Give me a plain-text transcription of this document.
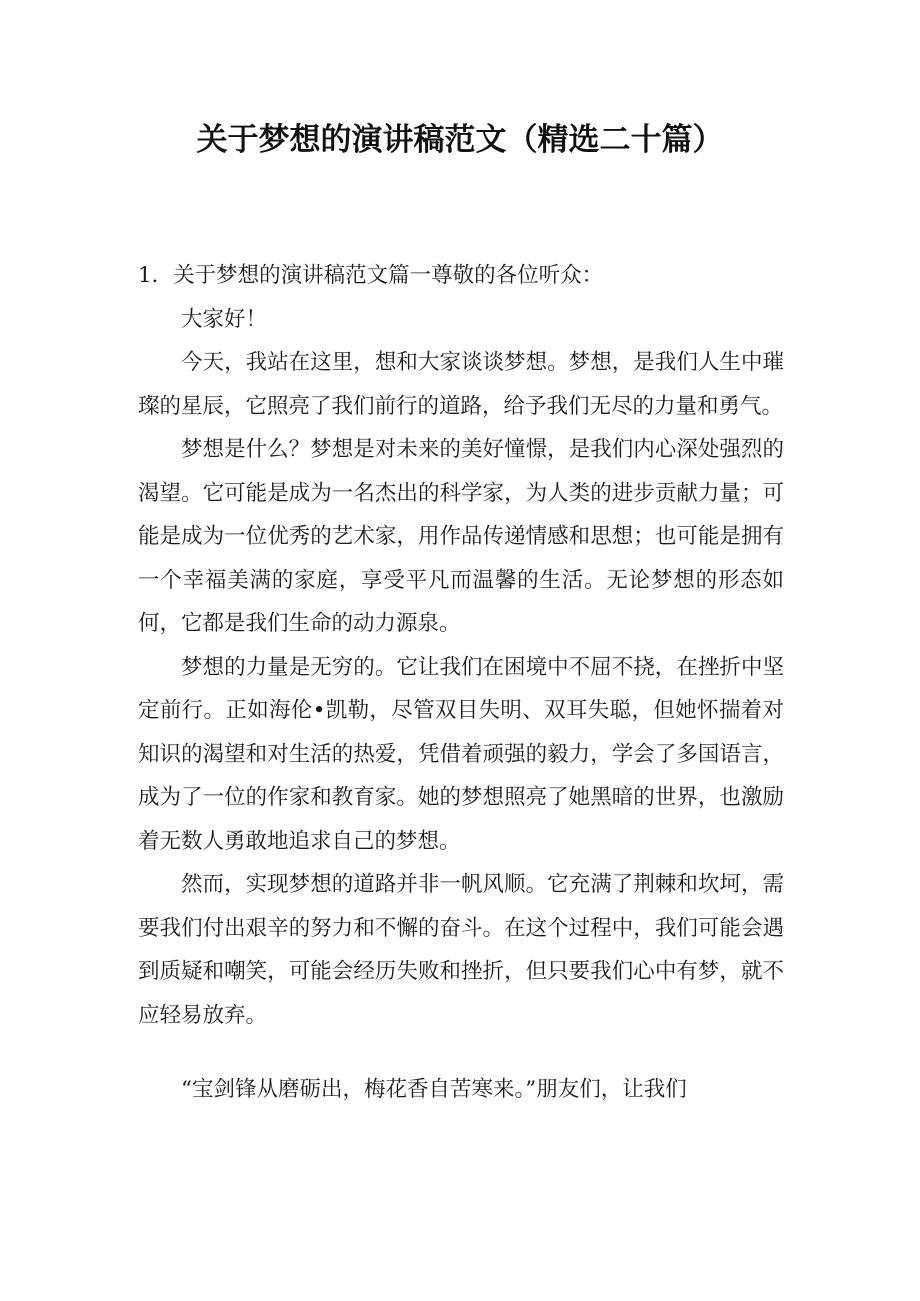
关于梦想的演讲稿范文（精选二十篇）

1．关于梦想的演讲稿范文篇一尊敬的各位听众：

大家好！

今天，我站在这里，想和大家谈谈梦想。梦想，是我们人生中璀璨的星辰，它照亮了我们前行的道路，给予我们无尽的力量和勇气。

梦想是什么？梦想是对未来的美好憧憬，是我们内心深处强烈的渴望。它可能是成为一名杰出的科学家，为人类的进步贡献力量；可能是成为一位优秀的艺术家，用作品传递情感和思想；也可能是拥有一个幸福美满的家庭，享受平凡而温馨的生活。无论梦想的形态如何，它都是我们生命的动力源泉。

梦想的力量是无穷的。它让我们在困境中不屈不挠，在挫折中坚定前行。正如海伦•凯勒，尽管双目失明、双耳失聪，但她怀揣着对知识的渴望和对生活的热爱，凭借着顽强的毅力，学会了多国语言，成为了一位的作家和教育家。她的梦想照亮了她黑暗的世界，也激励着无数人勇敢地追求自己的梦想。

然而，实现梦想的道路并非一帆风顺。它充满了荆棘和坎坷，需要我们付出艰辛的努力和不懈的奋斗。在这个过程中，我们可能会遇到质疑和嘲笑，可能会经历失败和挫折，但只要我们心中有梦，就不应轻易放弃。

“宝剑锋从磨砺出，梅花香自苦寒来。”朋友们，让我们
